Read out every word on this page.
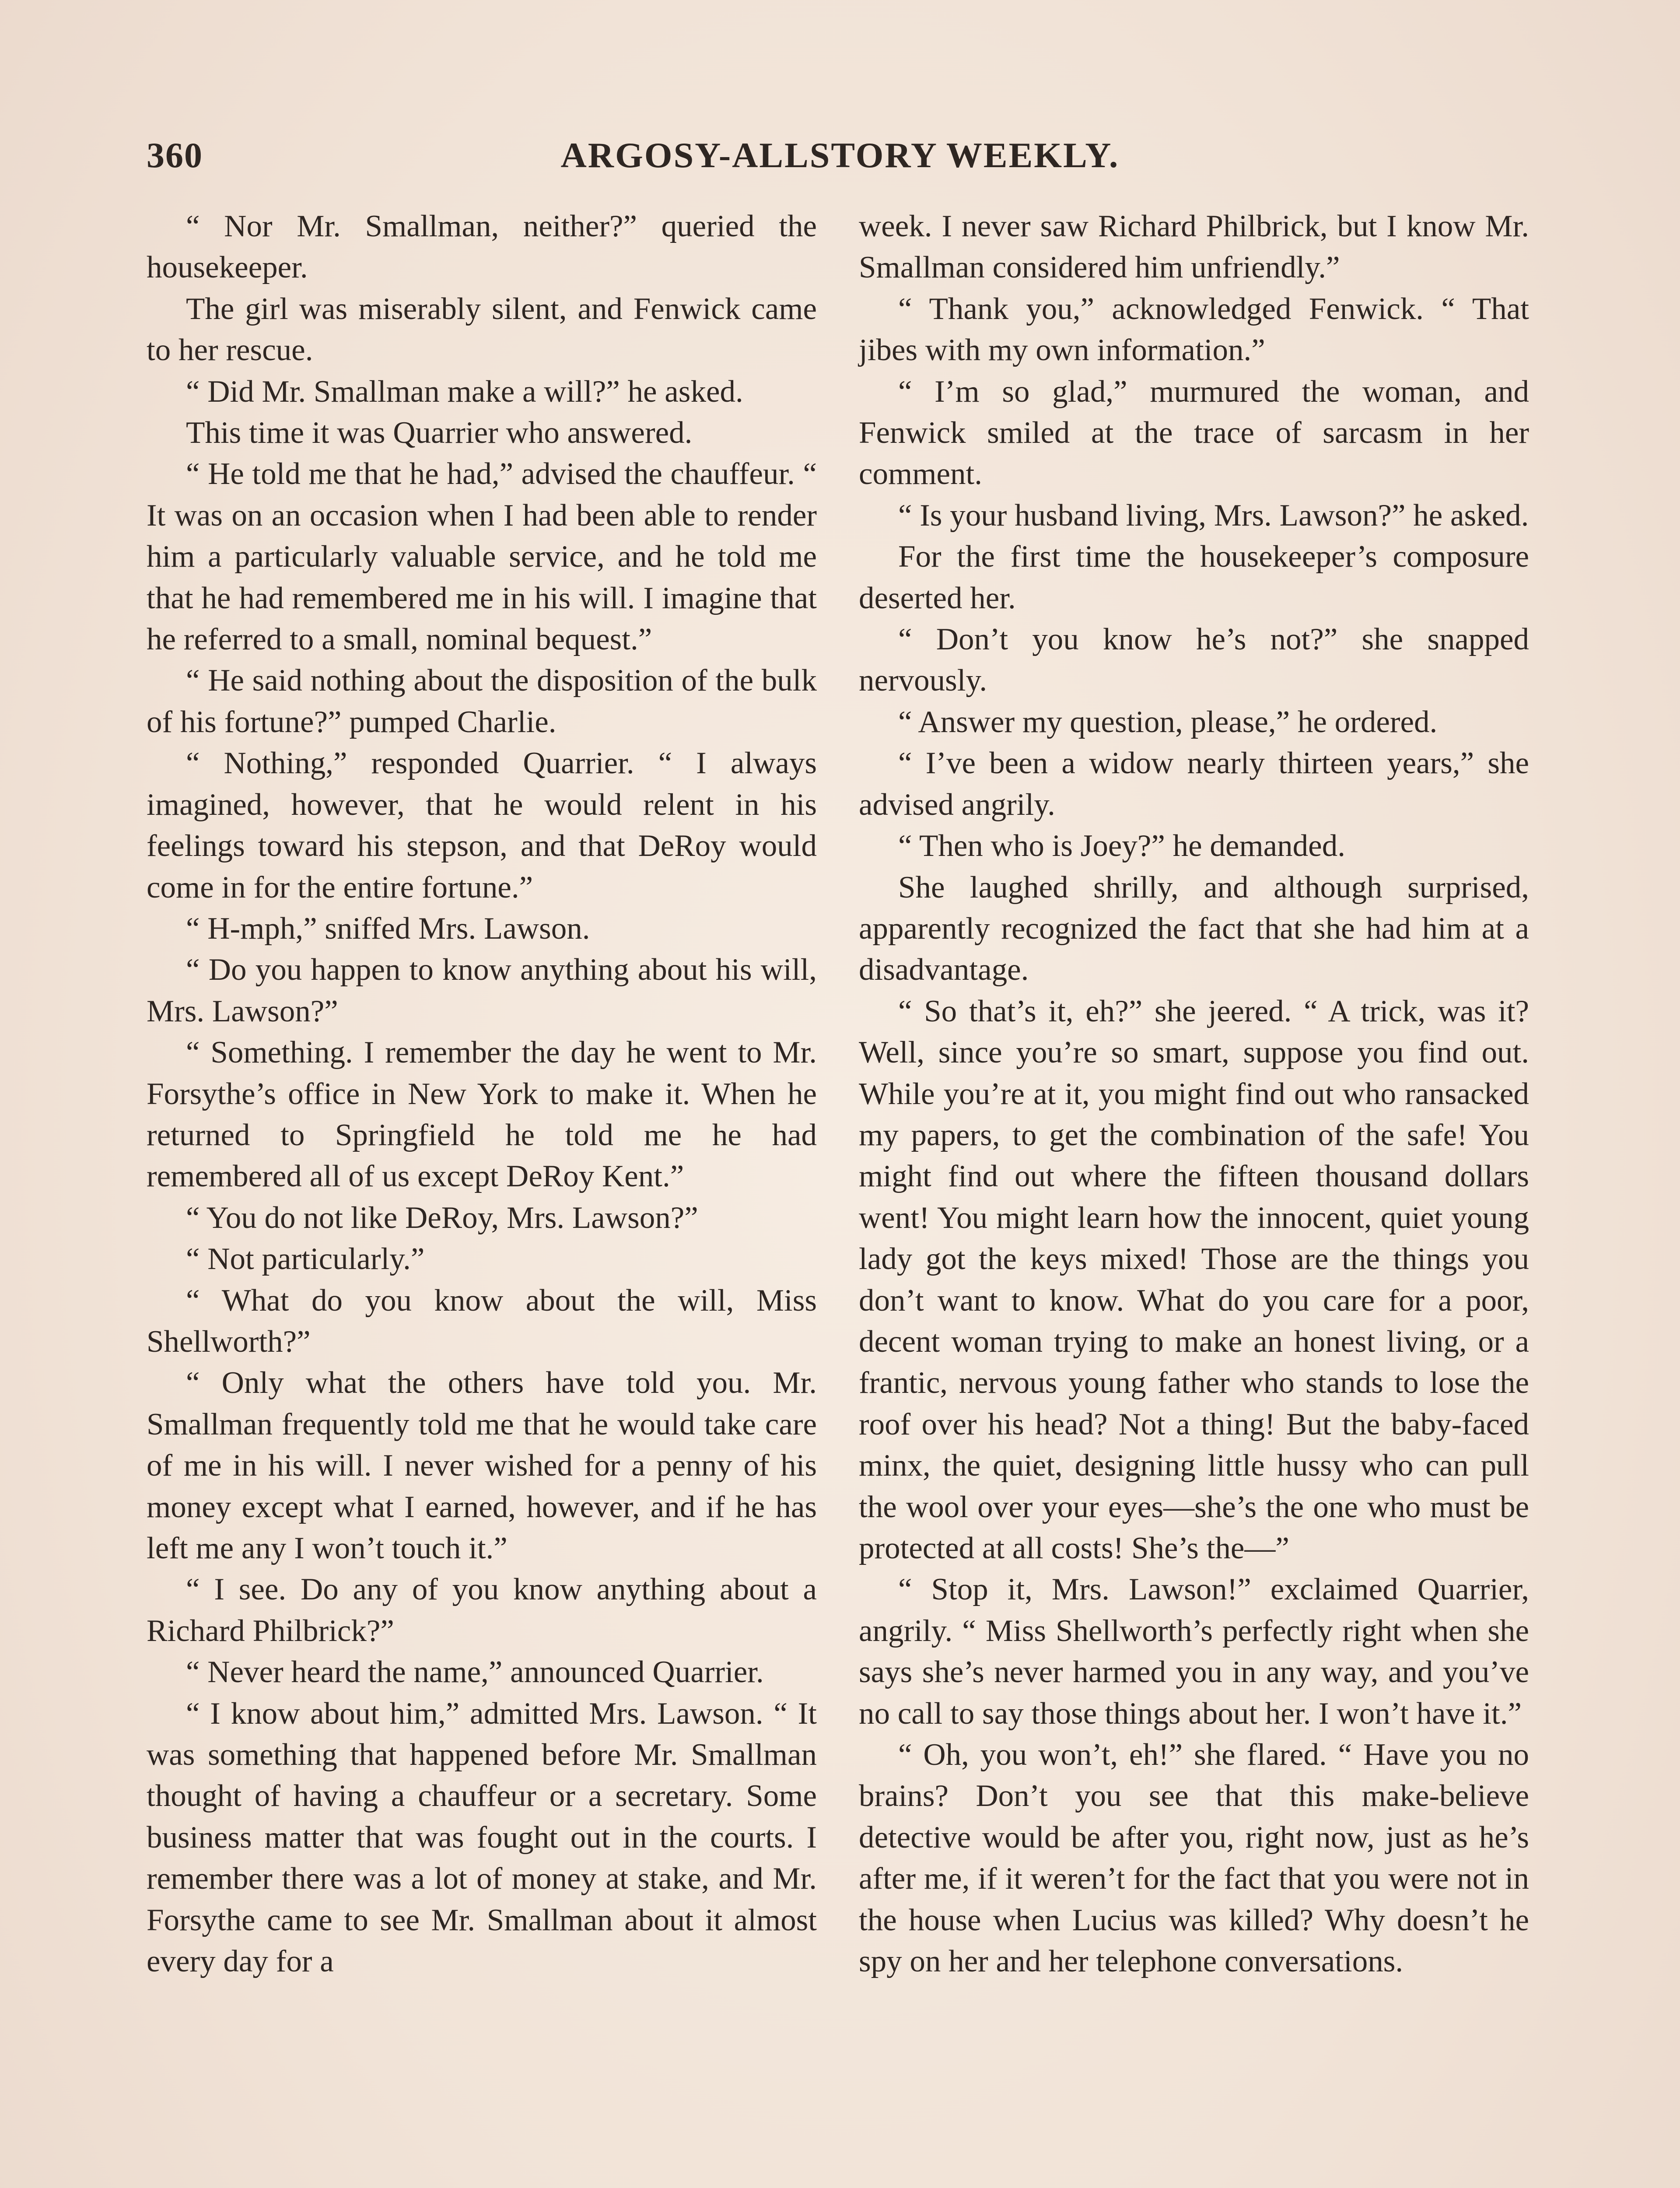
360	ARGOSY-ALLSTORY WEEKLY.

“ Nor Mr. Smallman, neither?” queried the housekeeper.

The girl was miserably silent, and Fenwick came to her rescue.

“ Did Mr. Smallman make a will?” he asked.

This time it was Quarrier who answered.

“ He told me that he had,” advised the chauffeur. “ It was on an occasion when I had been able to render him a particularly valuable service, and he told me that he had remembered me in his will. I imagine that he referred to a small, nominal bequest.”

“ He said nothing about the disposition of the bulk of his fortune?” pumped Charlie.

“ Nothing,” responded Quarrier. “ I always imagined, however, that he would relent in his feelings toward his stepson, and that DeRoy would come in for the entire fortune.”

“ H-mph,” sniffed Mrs. Lawson.

“ Do you happen to know anything about his will, Mrs. Lawson?”

“ Something. I remember the day he went to Mr. Forsythe’s office in New York to make it. When he returned to Springfield he told me he had remembered all of us except DeRoy Kent.”

“ You do not like DeRoy, Mrs. Lawson?”

“ Not particularly.”

“ What do you know about the will, Miss Shellworth?”

“ Only what the others have told you. Mr. Smallman frequently told me that he would take care of me in his will. I never wished for a penny of his money except what I earned, however, and if he has left me any I won’t touch it.”

“ I see. Do any of you know anything about a Richard Philbrick?”

“ Never heard the name,” announced Quarrier.

“ I know about him,” admitted Mrs. Lawson. “ It was something that happened before Mr. Smallman thought of having a chauffeur or a secretary. Some business matter that was fought out in the courts. I remember there was a lot of money at stake, and Mr. Forsythe came to see Mr. Smallman about it almost every day for a

week. I never saw Richard Philbrick, but I know Mr. Smallman considered him unfriendly.”

“ Thank you,” acknowledged Fenwick. “ That jibes with my own information.”

“ I’m so glad,” murmured the woman, and Fenwick smiled at the trace of sarcasm in her comment.

“ Is your husband living, Mrs. Lawson?” he asked.

For the first time the housekeeper’s composure deserted her.

“ Don’t you know he’s not?” she snapped nervously.

“ Answer my question, please,” he ordered.

“ I’ve been a widow nearly thirteen years,” she advised angrily.

“ Then who is Joey?” he demanded.

She laughed shrilly, and although surprised, apparently recognized the fact that she had him at a disadvantage.

“ So that’s it, eh?” she jeered. “ A trick, was it? Well, since you’re so smart, suppose you find out. While you’re at it, you might find out who ransacked my papers, to get the combination of the safe! You might find out where the fifteen thousand dollars went! You might learn how the innocent, quiet young lady got the keys mixed! Those are the things you don’t want to know. What do you care for a poor, decent woman trying to make an honest living, or a frantic, nervous young father who stands to lose the roof over his head? Not a thing! But the baby-faced minx, the quiet, designing little hussy who can pull the wool over your eyes—she’s the one who must be protected at all costs! She’s the—”

“ Stop it, Mrs. Lawson!” exclaimed Quarrier, angrily. “ Miss Shellworth’s perfectly right when she says she’s never harmed you in any way, and you’ve no call to say those things about her. I won’t have it.”

“ Oh, you won’t, eh!” she flared. “ Have you no brains? Don’t you see that this make-believe detective would be after you, right now, just as he’s after me, if it weren’t for the fact that you were not in the house when Lucius was killed? Why doesn’t he spy on her and her telephone conversations.
